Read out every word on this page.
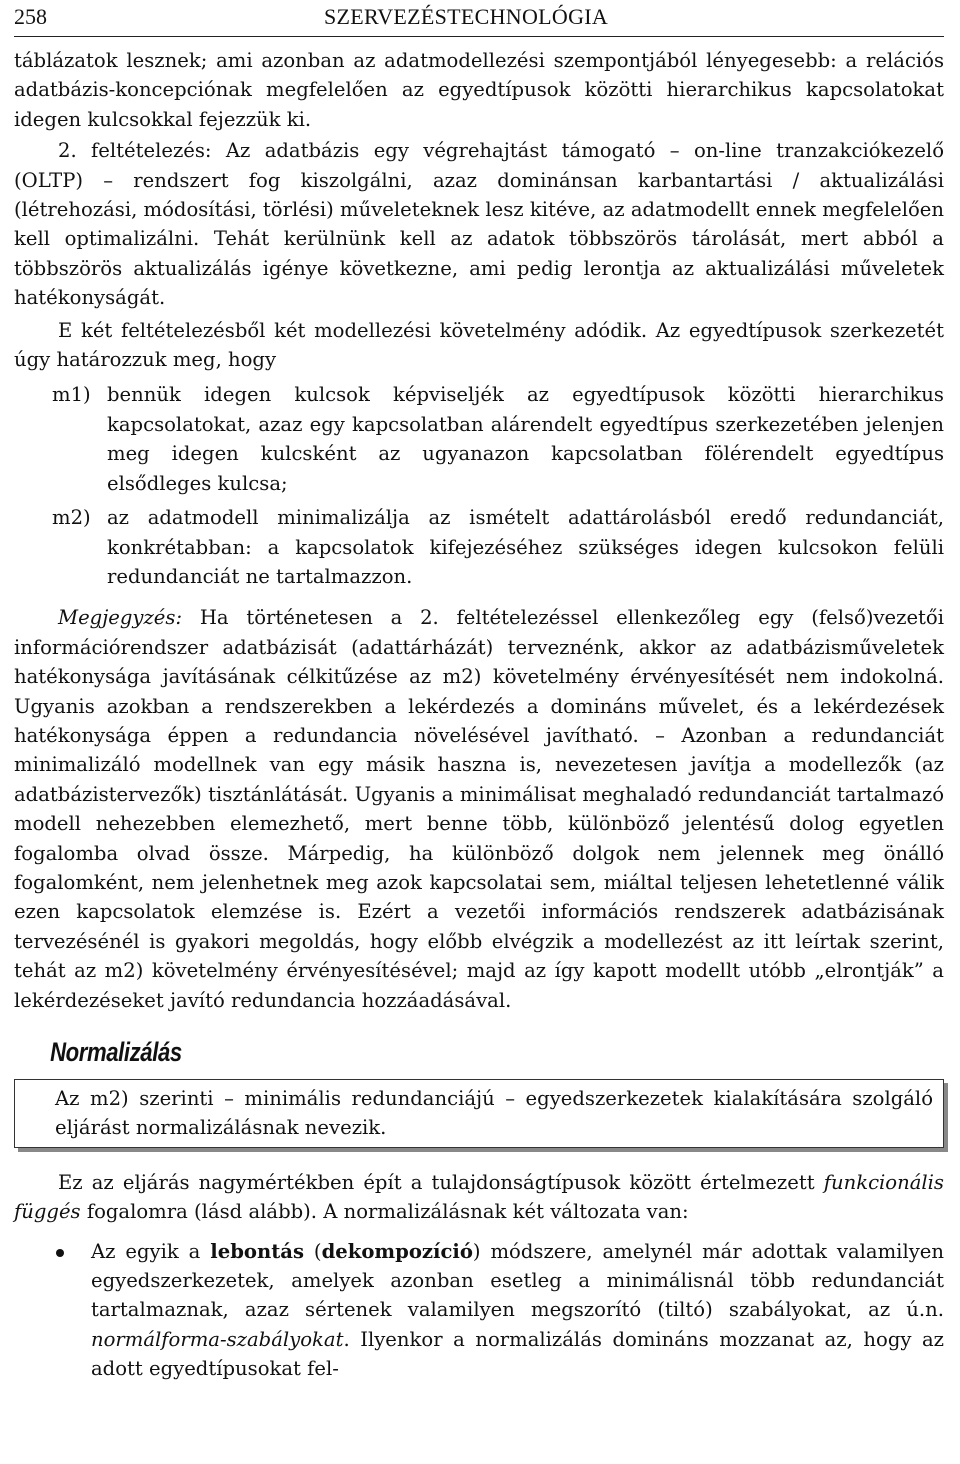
258	SZERVEZÉSTECHNOLÓGIA

táblázatok lesznek; ami azonban az adatmodellezési szempontjából lényegesebb: a relációs adatbázis-koncepciónak megfelelően az egyedtípusok közötti hierarchikus kapcsolatokat idegen kulcsokkal fejezzük ki.

2. feltételezés: Az adatbázis egy végrehajtást támogató – on-line tranzakciókezelő (OLTP) – rendszert fog kiszolgálni, azaz dominánsan karbantartási / aktualizálási (létrehozási, módosítási, törlési) műveleteknek lesz kitéve, az adatmodellt ennek megfelelően kell optimalizálni. Tehát kerülnünk kell az adatok többszörös tárolását, mert abból a többszörös aktualizálás igénye következne, ami pedig lerontja az aktualizálási műveletek hatékonyságát.

E két feltételezésből két modellezési követelmény adódik. Az egyedtípusok szerkezetét úgy határozzuk meg, hogy

m1) bennük idegen kulcsok képviseljék az egyedtípusok közötti hierarchikus kapcsolatokat, azaz egy kapcsolatban alárendelt egyedtípus szerkezetében jelenjen meg idegen kulcsként az ugyanazon kapcsolatban fölérendelt egyedtípus elsődleges kulcsa;
m2) az adatmodell minimalizálja az ismételt adattárolásból eredő redundanciát, konkrétabban: a kapcsolatok kifejezéséhez szükséges idegen kulcsokon felüli redundanciát ne tartalmazzon.

Megjegyzés: Ha történetesen a 2. feltételezéssel ellenkezőleg egy (felső)vezetői információrendszer adatbázisát (adattárházát) terveznénk, akkor az adatbázisműveletek hatékonysága javításának célkitűzése az m2) követelmény érvényesítését nem indokolná. Ugyanis azokban a rendszerekben a lekérdezés a domináns művelet, és a lekérdezések hatékonysága éppen a redundancia növelésével javítható. – Azonban a redundanciát minimalizáló modellnek van egy másik haszna is, nevezetesen javítja a modellezők (az adatbázistervezők) tisztánlátását. Ugyanis a minimálisat meghaladó redundanciát tartalmazó modell nehezebben elemezhető, mert benne több, különböző jelentésű dolog egyetlen fogalomba olvad össze. Márpedig, ha különböző dolgok nem jelennek meg önálló fogalomként, nem jelenhetnek meg azok kapcsolatai sem, miáltal teljesen lehetetlenné válik ezen kapcsolatok elemzése is. Ezért a vezetői információs rendszerek adatbázisának tervezésénél is gyakori megoldás, hogy előbb elvégzik a modellezést az itt leírtak szerint, tehát az m2) követelmény érvényesítésével; majd az így kapott modellt utóbb „elrontják” a lekérdezéseket javító redundancia hozzáadásával.

Normalizálás

Az m2) szerinti – minimális redundanciájú – egyedszerkezetek kialakítására szolgáló eljárást normalizálásnak nevezik.

Ez az eljárás nagymértékben épít a tulajdonságtípusok között értelmezett funkcionális függés fogalomra (lásd alább). A normalizálásnak két változata van:

Az egyik a lebontás (dekompozíció) módszere, amelynél már adottak valamilyen egyedszerkezetek, amelyek azonban esetleg a minimálisnál több redundanciát tartalmaznak, azaz sértenek valamilyen megszorító (tiltó) szabályokat, az ú.n. normálforma-szabályokat. Ilyenkor a normalizálás domináns mozzanat az, hogy az adott egyedtípusokat fel-
